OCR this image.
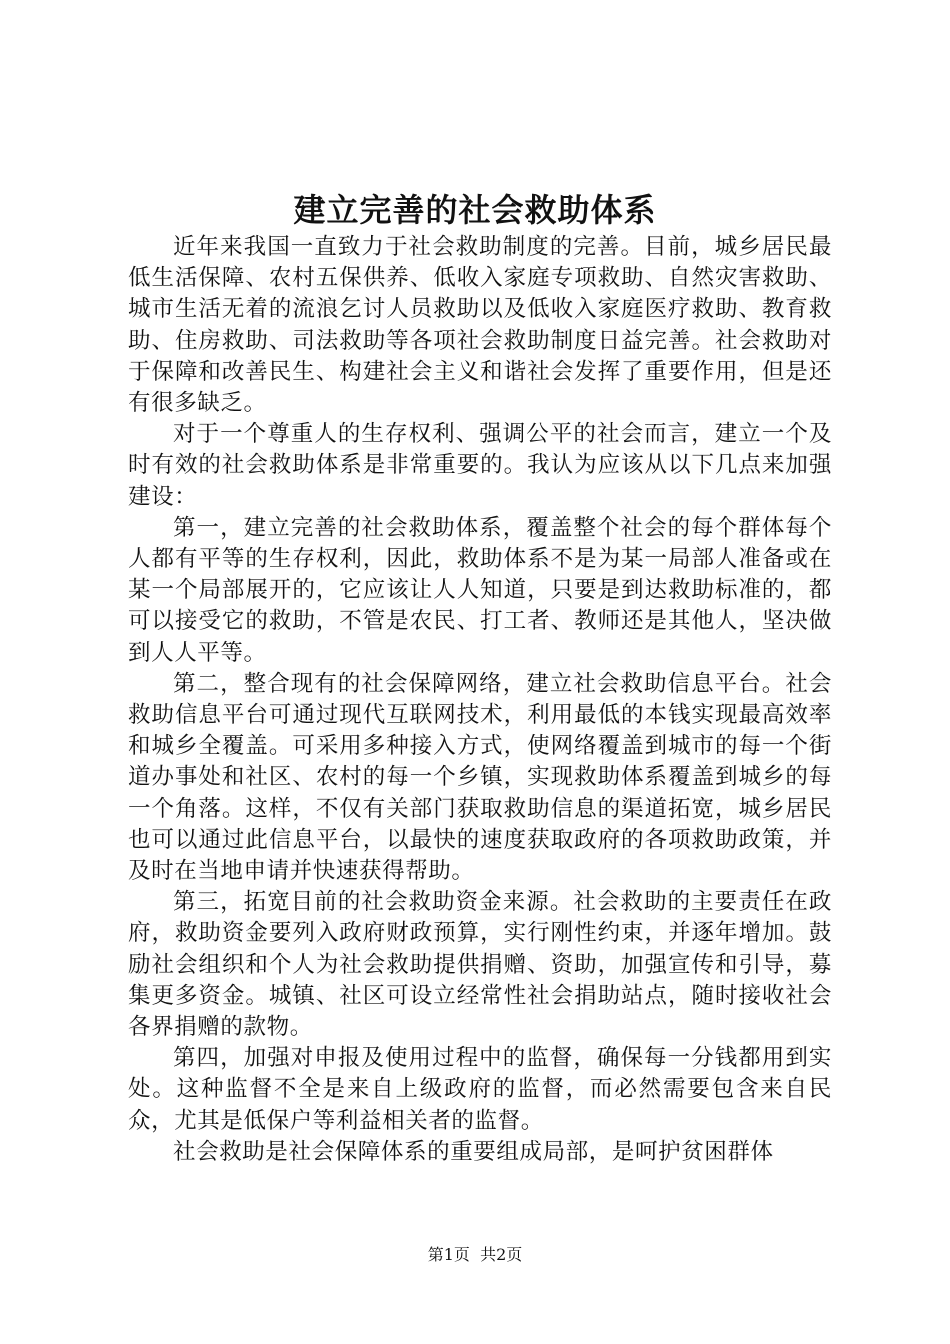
建立完善的社会救助体系

近年来我国一直致力于社会救助制度的完善。目前，城乡居民最低生活保障、农村五保供养、低收入家庭专项救助、自然灾害救助、城市生活无着的流浪乞讨人员救助以及低收入家庭医疗救助、教育救助、住房救助、司法救助等各项社会救助制度日益完善。社会救助对于保障和改善民生、构建社会主义和谐社会发挥了重要作用，但是还有很多缺乏。

对于一个尊重人的生存权利、强调公平的社会而言，建立一个及时有效的社会救助体系是非常重要的。我认为应该从以下几点来加强建设：

第一，建立完善的社会救助体系，覆盖整个社会的每个群体每个人都有平等的生存权利，因此，救助体系不是为某一局部人准备或在某一个局部展开的，它应该让人人知道，只要是到达救助标准的，都可以接受它的救助，不管是农民、打工者、教师还是其他人，坚决做到人人平等。

第二，整合现有的社会保障网络，建立社会救助信息平台。社会救助信息平台可通过现代互联网技术，利用最低的本钱实现最高效率和城乡全覆盖。可采用多种接入方式，使网络覆盖到城市的每一个街道办事处和社区、农村的每一个乡镇，实现救助体系覆盖到城乡的每一个角落。这样，不仅有关部门获取救助信息的渠道拓宽，城乡居民也可以通过此信息平台，以最快的速度获取政府的各项救助政策，并及时在当地申请并快速获得帮助。

第三，拓宽目前的社会救助资金来源。社会救助的主要责任在政府，救助资金要列入政府财政预算，实行刚性约束，并逐年增加。鼓励社会组织和个人为社会救助提供捐赠、资助，加强宣传和引导，募集更多资金。城镇、社区可设立经常性社会捐助站点，随时接收社会各界捐赠的款物。

第四，加强对申报及使用过程中的监督，确保每一分钱都用到实处。这种监督不全是来自上级政府的监督，而必然需要包含来自民众，尤其是低保户等利益相关者的监督。

社会救助是社会保障体系的重要组成局部，是呵护贫困群体

第1页 共2页
